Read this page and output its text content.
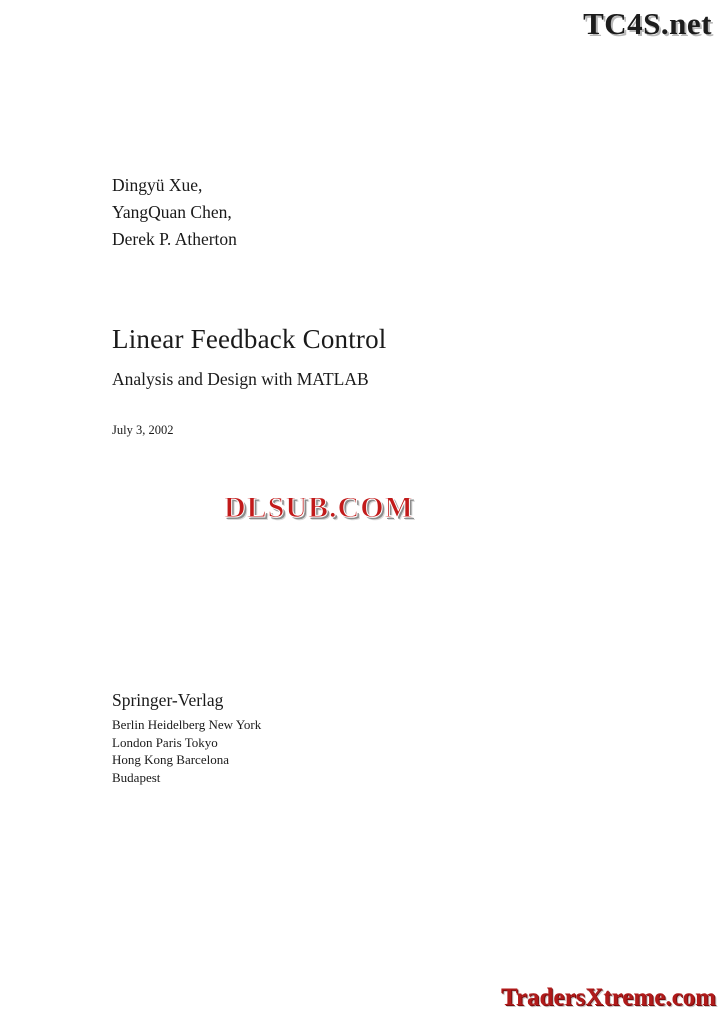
TC4S.net
Dingyü Xue,
YangQuan Chen,
Derek P. Atherton
Linear Feedback Control
Analysis and Design with MATLAB
July 3, 2002
DLSUB.COM
Springer-Verlag
Berlin Heidelberg New York
London Paris Tokyo
Hong Kong Barcelona
Budapest
TradersXtreme.com
